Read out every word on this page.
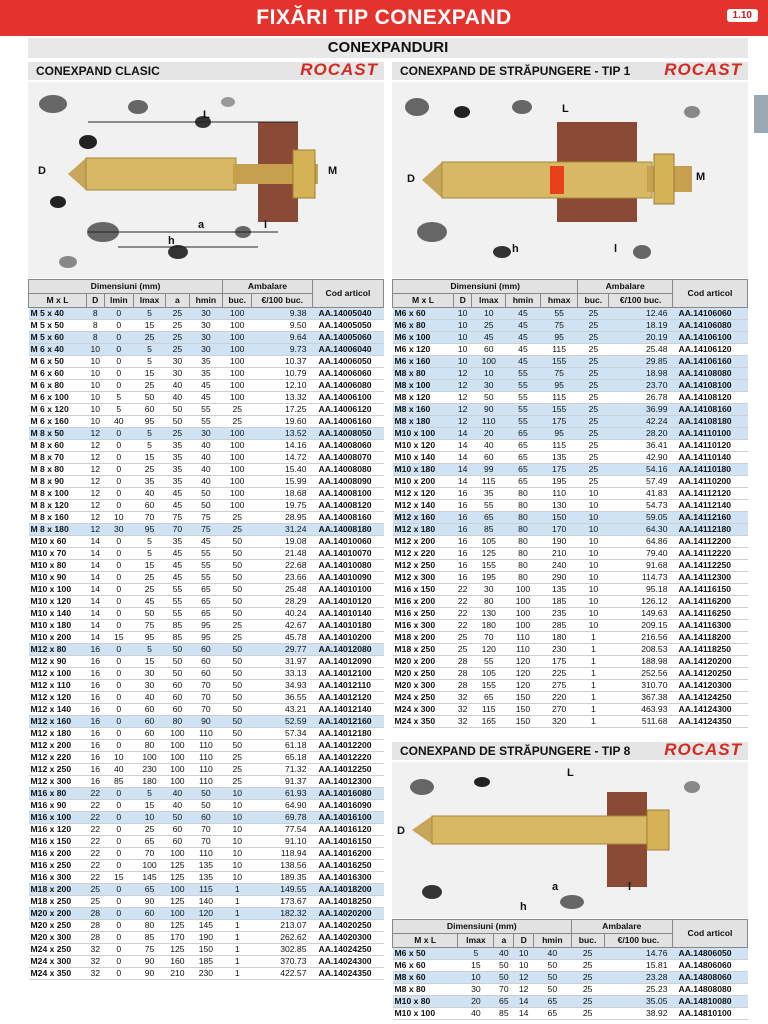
FIXĂRI TIP CONEXPAND	1.10
CONEXPANDURI
CONEXPAND CLASIC	ROCAST CONEXPAND DE STRĂPUNGERE - TIP 1 ROCAST
L
D	M
a
h
l
L
D	M
h	l
Dimensiuni (mm)						Ambalare		Cod articol
M x L	D	lmin	lmax	a	hmin	buc.	€/100 buc.	
M 5 x 40	8	0	5	25	30	100	9.38	AA.14005040
M 5 x 50	8	0	15	25	30	100	9.50	AA.14005050
M 5 x 60	8	0	25	25	30	100	9.64	AA.14005060
M 6 x 40	10	0	5	25	30	100	9.73	AA.14006040
M 6 x 50	10	0	5	30	35	100	10.37	AA.14006050
M 6 x 60	10	0	15	30	35	100	10.79	AA.14006060
M 6 x 80	10	0	25	40	45	100	12.10	AA.14006080
M 6 x 100	10	5	50	40	45	100	13.32	AA.14006100
M 6 x 120	10	5	60	50	55	25	17.25	AA.14006120
M 6 x 160	10	40	95	50	55	25	19.60	AA.14006160
M 8 x 50	12	0	5	25	30	100	13.52	AA.14008050
M 8 x 60	12	0	5	35	40	100	14.16	AA.14008060
M 8 x 70	12	0	15	35	40	100	14.72	AA.14008070
M 8 x 80	12	0	25	35	40	100	15.40	AA.14008080
M 8 x 90	12	0	35	35	40	100	15.99	AA.14008090
M 8 x 100	12	0	40	45	50	100	18.68	AA.14008100
M 8 x 120	12	0	60	45	50	100	19.75	AA.14008120
M 8 x 160	12	10	70	75	75	25	28.95	AA.14008160
M 8 x 180	12	30	95	70	75	25	31.24	AA.14008180
M10 x 60	14	0	5	35	45	50	19.08	AA.14010060
M10 x 70	14	0	5	45	55	50	21.48	AA.14010070
M10 x 80	14	0	15	45	55	50	22.68	AA.14010080
M10 x 90	14	0	25	45	55	50	23.66	AA.14010090
M10 x 100	14	0	25	55	65	50	25.48	AA.14010100
M10 x 120	14	0	45	55	65	50	28.29	AA.14010120
M10 x 140	14	0	50	55	65	50	40.24	AA.14010140
M10 x 180	14	0	75	85	95	25	42.67	AA.14010180
M10 x 200	14	15	95	85	95	25	45.78	AA.14010200
M12 x 80	16	0	5	50	60	50	29.77	AA.14012080
M12 x 90	16	0	15	50	60	50	31.97	AA.14012090
M12 x 100	16	0	30	50	60	50	33.13	AA.14012100
M12 x 110	16	0	30	60	70	50	34.93	AA.14012110
M12 x 120	16	0	40	60	70	50	36.55	AA.14012120
M12 x 140	16	0	60	60	70	50	43.21	AA.14012140
M12 x 160	16	0	60	80	90	50	52.59	AA.14012160
M12 x 180	16	0	60	100	110	50	57.34	AA.14012180
M12 x 200	16	0	80	100	110	50	61.18	AA.14012200
M12 x 220	16	10	100	100	110	25	65.18	AA.14012220
M12 x 250	16	40	230	100	110	25	71.32	AA.14012250
M12 x 300	16	85	180	100	110	25	91.37	AA.14012300
M16 x 80	22	0	5	40	50	10	61.93	AA.14016080
M16 x 90	22	0	15	40	50	10	64.90	AA.14016090
M16 x 100	22	0	10	50	60	10	69.78	AA.14016100
M16 x 120	22	0	25	60	70	10	77.54	AA.14016120
M16 x 150	22	0	65	60	70	10	91.10	AA.14016150
M16 x 200	22	0	70	100	110	10	118.94	AA.14016200
M16 x 250	22	0	100	125	135	10	138.56	AA.14016250
M16 x 300	22	15	145	125	135	10	189.35	AA.14016300
M18 x 200	25	0	65	100	115	1	149.55	AA.14018200
M18 x 250	25	0	90	125	140	1	173.67	AA.14018250
M20 x 200	28	0	60	100	120	1	182.32	AA.14020200
M20 x 250	28	0	80	125	145	1	213.07	AA.14020250
M20 x 300	28	0	85	170	190	1	262.62	AA.14020300
M24 x 250	32	0	75	125	150	1	302.85	AA.14024250
M24 x 300	32	0	90	160	185	1	370.73	AA.14024300
M24 x 350	32	0	90	210	230	1	422.57	AA.14024350
Dimensiuni (mm)					Ambalare		Cod articol
M x L	D	lmax	hmin	hmax	buc.	€/100 buc.	
M6 x 60	10	10	45	55	25	12.46	AA.14106060
M6 x 80	10	25	45	75	25	18.19	AA.14106080
M6 x 100	10	45	45	95	25	20.19	AA.14106100
M6 x 120	10	60	45	115	25	25.48	AA.14106120
M6 x 160	10	100	45	155	25	29.85	AA.14106160
M8 x 80	12	10	55	75	25	18.98	AA.14108080
M8 x 100	12	30	55	95	25	23.70	AA.14108100
M8 x 120	12	50	55	115	25	26.78	AA.14108120
M8 x 160	12	90	55	155	25	36.99	AA.14108160
M8 x 180	12	110	55	175	25	42.24	AA.14108180
M10 x 100	14	20	65	95	25	28.20	AA.14110100
M10 x 120	14	40	65	115	25	36.41	AA.14110120
M10 x 140	14	60	65	135	25	42.90	AA.14110140
M10 x 180	14	99	65	175	25	54.16	AA.14110180
M10 x 200	14	115	65	195	25	57.49	AA.14110200
M12 x 120	16	35	80	110	10	41.83	AA.14112120
M12 x 140	16	55	80	130	10	54.73	AA.14112140
M12 x 160	16	65	80	150	10	59.05	AA.14112160
M12 x 180	16	85	80	170	10	64.30	AA.14112180
M12 x 200	16	105	80	190	10	64.86	AA.14112200
M12 x 220	16	125	80	210	10	79.40	AA.14112220
M12 x 250	16	155	80	240	10	91.68	AA.14112250
M12 x 300	16	195	80	290	10	114.73	AA.14112300
M16 x 150	22	30	100	135	10	95.18	AA.14116150
M16 x 200	22	80	100	185	10	126.12	AA.14116200
M16 x 250	22	130	100	235	10	149.63	AA.14116250
M16 x 300	22	180	100	285	10	209.15	AA.14116300
M18 x 200	25	70	110	180	1	216.56	AA.14118200
M18 x 250	25	120	110	230	1	208.53	AA.14118250
M20 x 200	28	55	120	175	1	188.98	AA.14120200
M20 x 250	28	105	120	225	1	252.56	AA.14120250
M20 x 300	28	155	120	275	1	310.70	AA.14120300
M24 x 250	32	65	150	220	1	367.38	AA.14124250
M24 x 300	32	115	150	270	1	463.93	AA.14124300
M24 x 350	32	165	150	320	1	511.68	AA.14124350
CONEXPAND DE STRĂPUNGERE - TIP 8 ROCAST
L
D
h
a	l
Dimensiuni (mm)					Ambalare		Cod articol
M x L	lmax	a	D	hmin	buc.	€/100 buc.	
M6 x 50	5	40	10	40	25	14.76	AA.14806050
M6 x 60	15	50	10	50	25	15.81	AA.14806060
M8 x 60	10	50	12	50	25	23.28	AA.14808060
M8 x 80	30	70	12	50	25	25.23	AA.14808080
M10 x 80	20	65	14	65	25	35.05	AA.14810080
M10 x 100	40	85	14	65	25	38.92	AA.14810100
